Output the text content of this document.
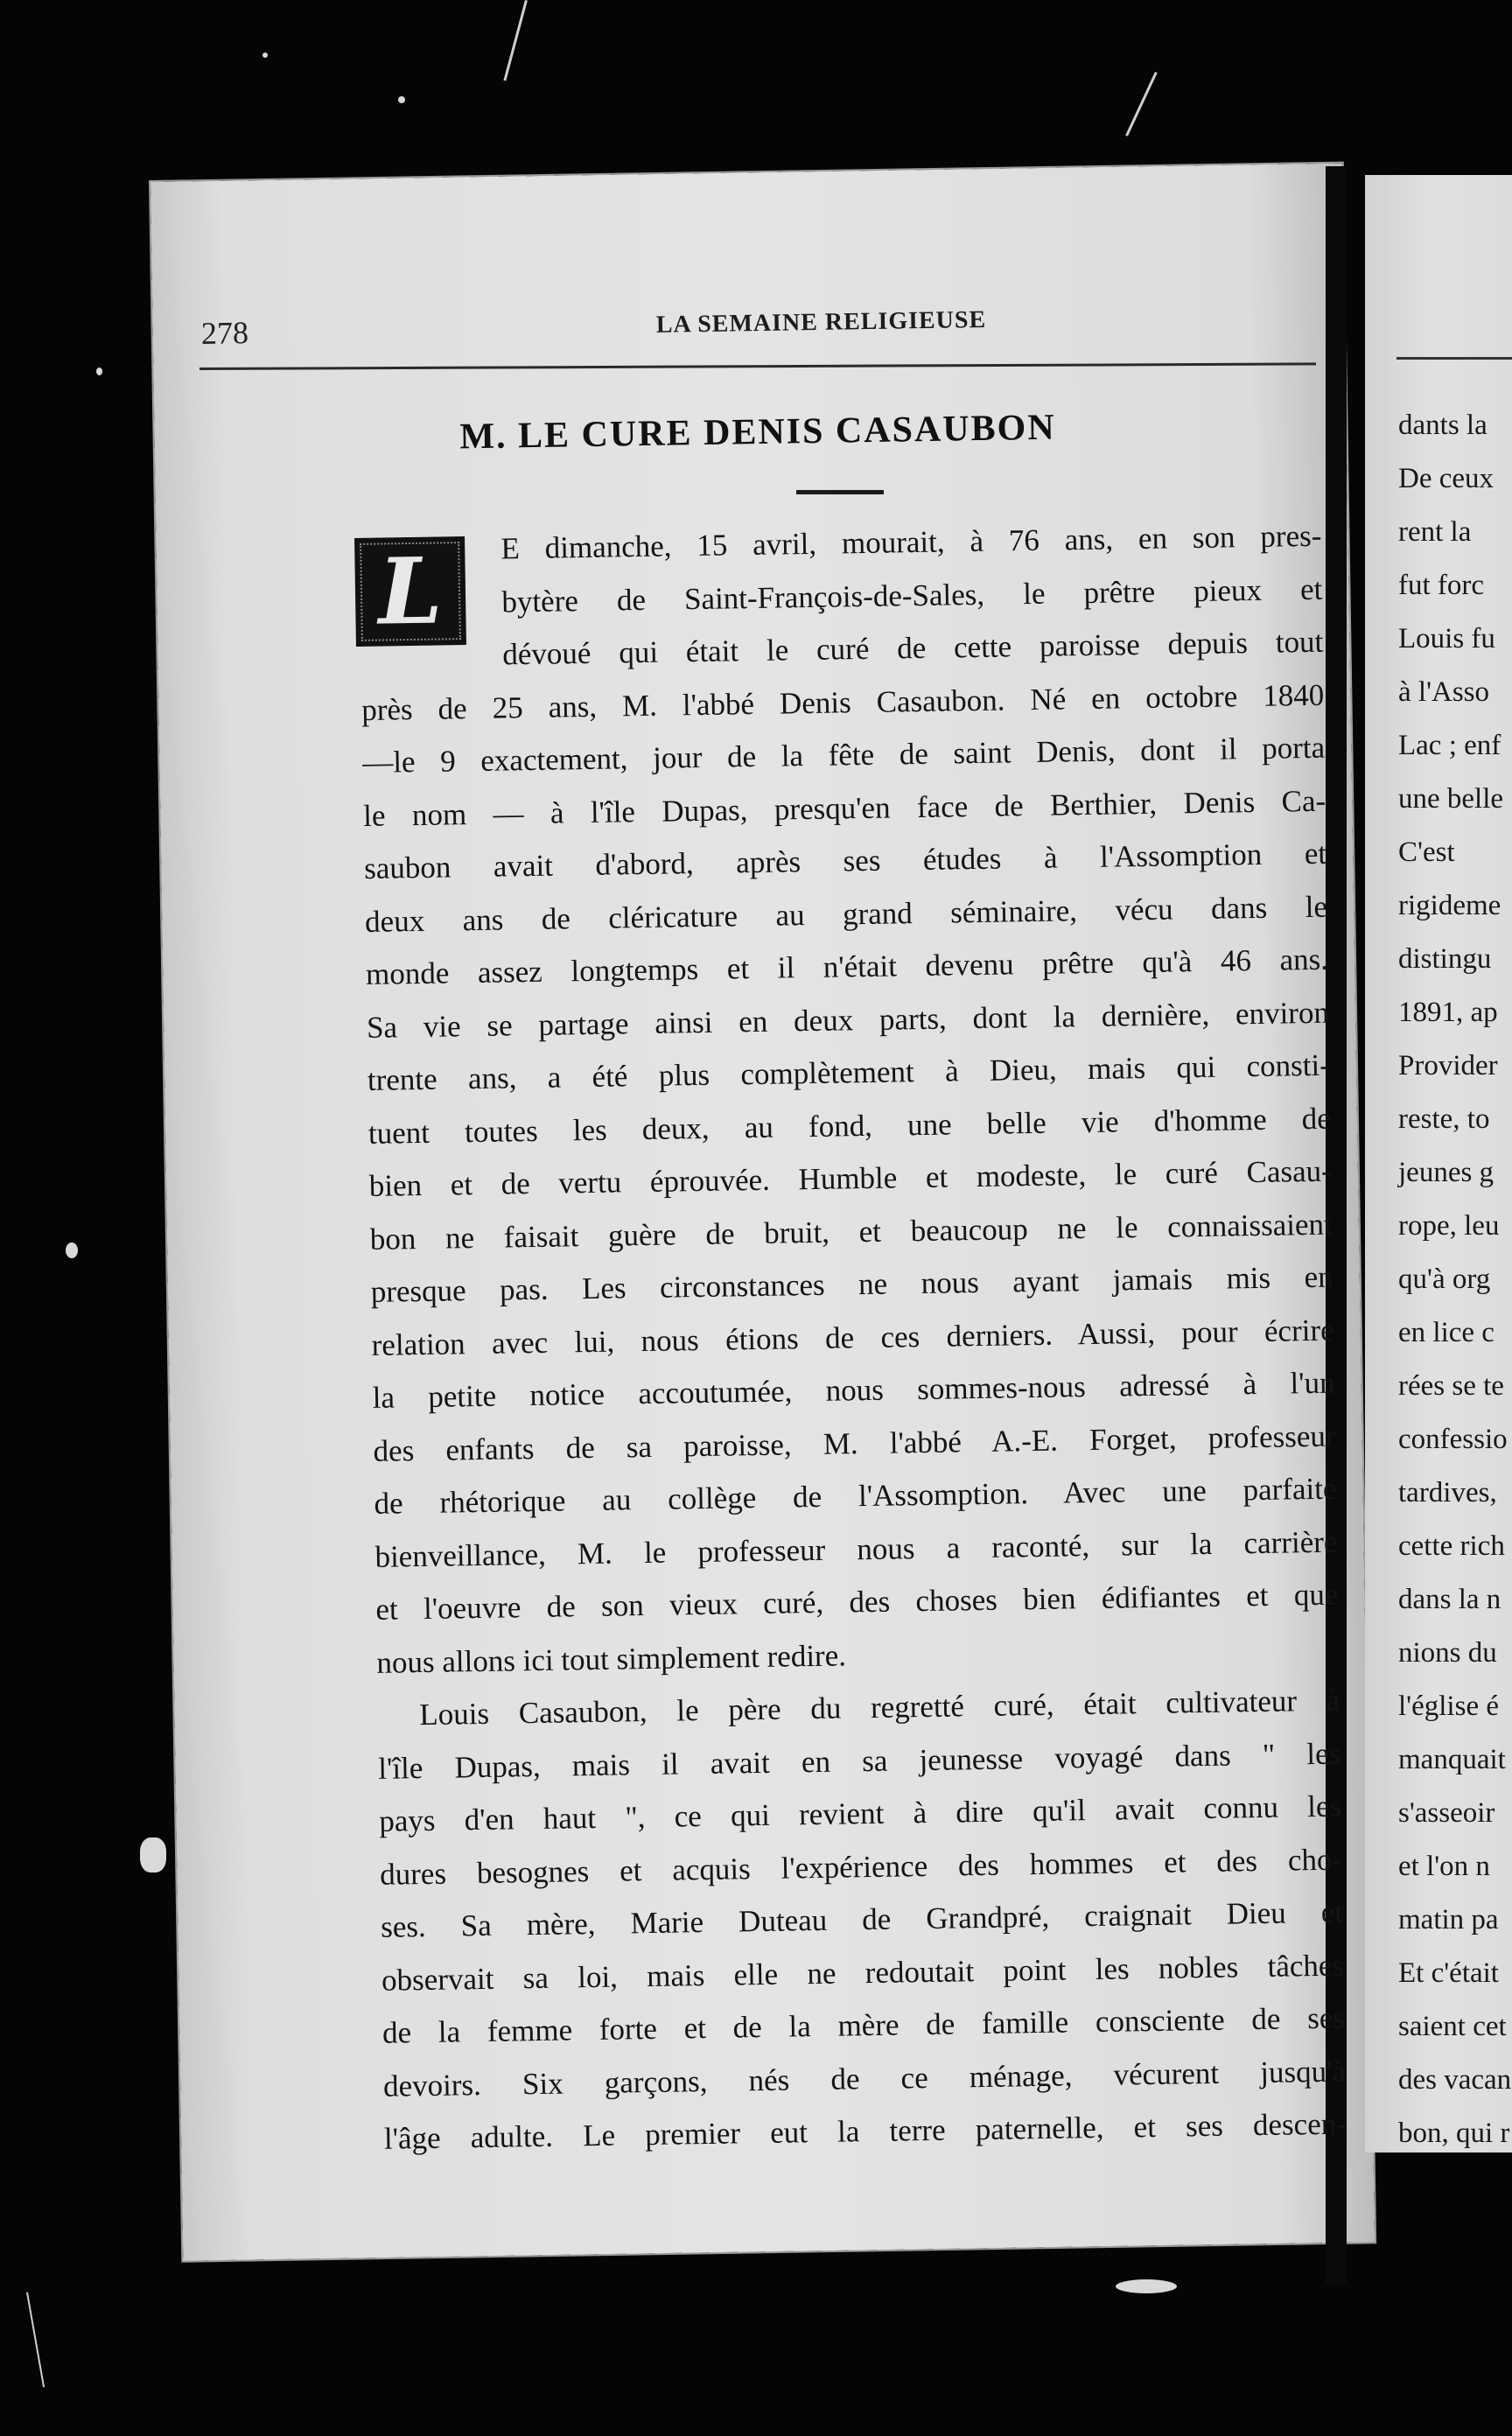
278	LA SEMAINE RELIGIEUSE
M. LE CURE DENIS CASAUBON
L	E dimanche, 15 avril, mourait, à 76 ans, en son pres-
bytère de Saint-François-de-Sales, le prêtre pieux et
dévoué qui était le curé de cette paroisse depuis tout
près de 25 ans, M. l'abbé Denis Casaubon. Né en octobre 1840
—le 9 exactement, jour de la fête de saint Denis, dont il porta
le nom — à l'île Dupas, presqu'en face de Berthier, Denis Ca-
saubon avait d'abord, après ses études à l'Assomption et
deux ans de cléricature au grand séminaire, vécu dans le
monde assez longtemps et il n'était devenu prêtre qu'à 46 ans.
Sa vie se partage ainsi en deux parts, dont la dernière, environ
trente ans, a été plus complètement à Dieu, mais qui consti-
tuent toutes les deux, au fond, une belle vie d'homme de
bien et de vertu éprouvée. Humble et modeste, le curé Casau-
bon ne faisait guère de bruit, et beaucoup ne le connaissaient
presque pas. Les circonstances ne nous ayant jamais mis en
relation avec lui, nous étions de ces derniers. Aussi, pour écrire
la petite notice accoutumée, nous sommes-nous adressé à l'un
des enfants de sa paroisse, M. l'abbé A.-E. Forget, professeur
de rhétorique au collège de l'Assomption. Avec une parfaite
bienveillance, M. le professeur nous a raconté, sur la carrière
et l'oeuvre de son vieux curé, des choses bien édifiantes et que
nous allons ici tout simplement redire.
Louis Casaubon, le père du regretté curé, était cultivateur à
l'île Dupas, mais il avait en sa jeunesse voyagé dans " les
pays d'en haut ", ce qui revient à dire qu'il avait connu les
dures besognes et acquis l'expérience des hommes et des cho-
ses. Sa mère, Marie Duteau de Grandpré, craignait Dieu et
observait sa loi, mais elle ne redoutait point les nobles tâches
de la femme forte et de la mère de famille consciente de ses
devoirs. Six garçons, nés de ce ménage, vécurent jusqu'à
l'âge adulte. Le premier eut la terre paternelle, et ses descen-
dants la
De ceux
rent la
fut forc
Louis fu
à l'Asso
Lac ; enf
une belle
C'est
rigideme
distingu
1891, ap
Provider
reste, to
jeunes g
rope, leu
qu'à org
en lice c
rées se te
confessio
tardives,
cette rich
dans la n
nions du
l'église é
manquait
s'asseoir
et l'on n
matin pa
Et c'était
saient cet
des vacan
bon, qui r
